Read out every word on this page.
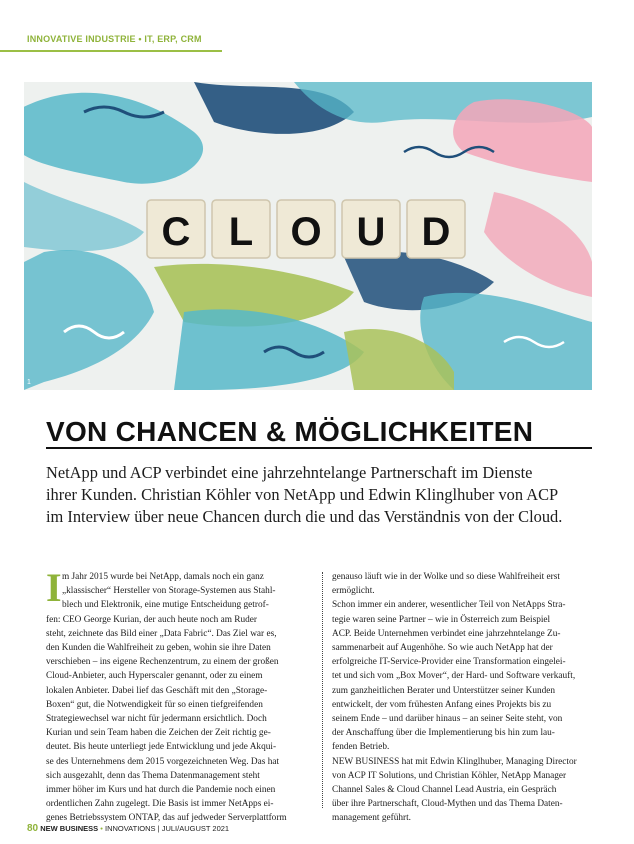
INNOVATIVE INDUSTRIE • IT, ERP, CRM
C L O U D
1
VON CHANCEN & MÖGLICHKEITEN
NetApp und ACP verbindet eine jahrzehntelange Partnerschaft im Dienste
ihrer Kunden. Christian Köhler von NetApp und Edwin Klinglhuber von ACP
im Interview über neue Chancen durch die und das Verständnis von der Cloud.
I m Jahr 2015 wurde bei NetApp, damals noch ein ganz
„klassischer“ Hersteller von Storage-Systemen aus Stahl-
blech und Elektronik, eine mutige Entscheidung getrof-
fen: CEO George Kurian, der auch heute noch am Ruder
steht, zeichnete das Bild einer „Data Fabric“. Das Ziel war es,
den Kunden die Wahlfreiheit zu geben, wohin sie ihre Daten
verschieben – ins eigene Rechenzentrum, zu einem der großen
Cloud-Anbieter, auch Hyperscaler genannt, oder zu einem
lokalen Anbieter. Dabei lief das Geschäft mit den „Storage-
Boxen“ gut, die Notwendigkeit für so einen tiefgreifenden
Strategiewechsel war nicht für jedermann ersichtlich. Doch
Kurian und sein Team haben die Zeichen der Zeit richtig ge-
deutet. Bis heute unterliegt jede Entwicklung und jede Akqui-
se des Unternehmens dem 2015 vorgezeichneten Weg. Das hat
sich ausgezahlt, denn das Thema Datenmanagement steht
immer höher im Kurs und hat durch die Pandemie noch einen
ordentlichen Zahn zugelegt. Die Basis ist immer NetApps ei-
genes Betriebssystem ONTAP, das auf jedweder Serverplattform
genauso läuft wie in der Wolke und so diese Wahlfreiheit erst
ermöglicht.
Schon immer ein anderer, wesentlicher Teil von NetApps Stra-
tegie waren seine Partner – wie in Österreich zum Beispiel
ACP. Beide Unternehmen verbindet eine jahrzehntelange Zu-
sammenarbeit auf Augenhöhe. So wie auch NetApp hat der
erfolgreiche IT-Service-Provider eine Transformation eingelei-
tet und sich vom „Box Mover“, der Hard- und Software verkauft,
zum ganzheitlichen Berater und Unterstützer seiner Kunden
entwickelt, der vom frühesten Anfang eines Projekts bis zu
seinem Ende – und darüber hinaus – an seiner Seite steht, von
der Anschaffung über die Implementierung bis hin zum lau-
fenden Betrieb.
NEW BUSINESS hat mit Edwin Klinglhuber, Managing Director
von ACP IT Solutions, und Christian Köhler, NetApp Manager
Channel Sales & Cloud Channel Lead Austria, ein Gespräch
über ihre Partnerschaft, Cloud-Mythen und das Thema Daten-
management geführt.
80 NEW BUSINESS • INNOVATIONS | JULI/AUGUST 2021
